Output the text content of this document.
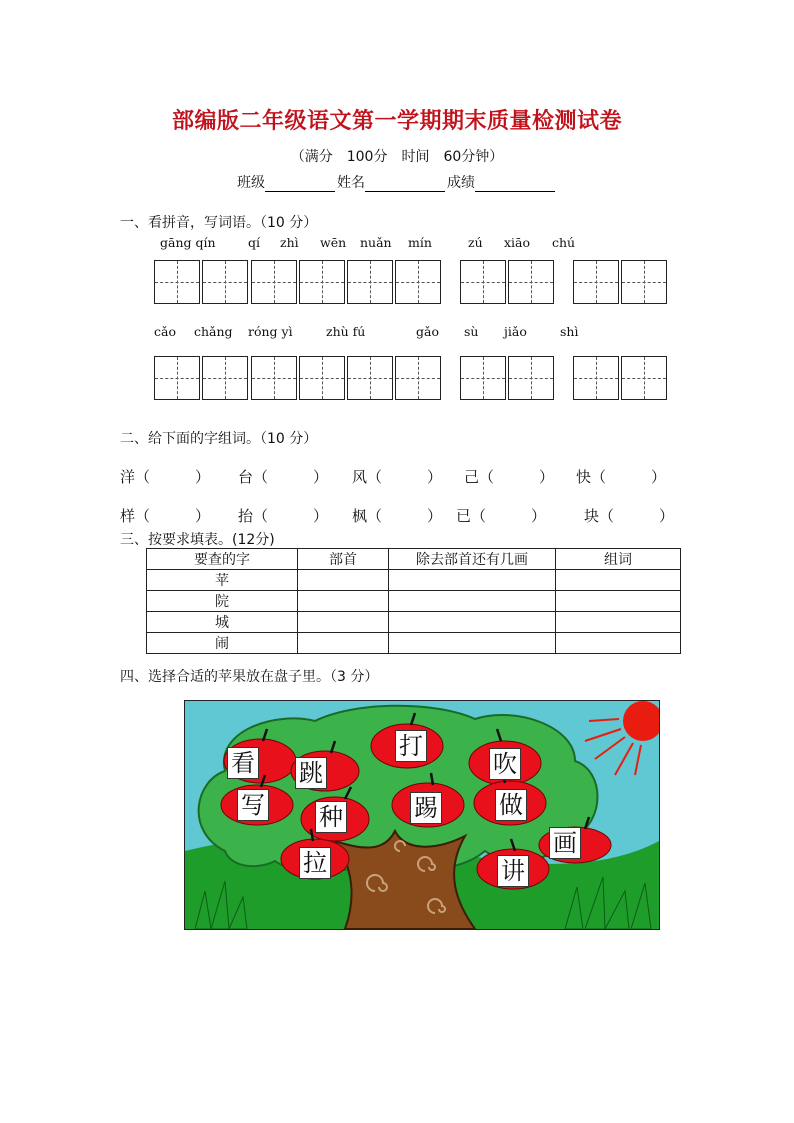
部编版二年级语文第一学期期末质量检测试卷
（满分　100分　时间　60分钟）
班级	姓名	成绩
一、看拼音，写词语。（10 分）
gāng qín	qí zhì wēn nuǎn mín	zú xiāo chú
cǎo chǎng róng yì	zhù fú	gǎo sù jiǎo	shì
二、给下面的字组词。（10 分）
洋（　　　） 台（　　　） 风（　　　） 己（　　　） 快（　　　）
样（　　　） 抬（　　　） 枫（　　　） 已（　　　）	块（　　　）
三、按要求填表。(12分)
要查的字	部首	除去部首还有几画	组词
苹			
院			
城			
闹			
四、选择合适的苹果放在盘子里。（3 分）
看 跳
打
吹
写 种	踢	做
画
拉	讲
